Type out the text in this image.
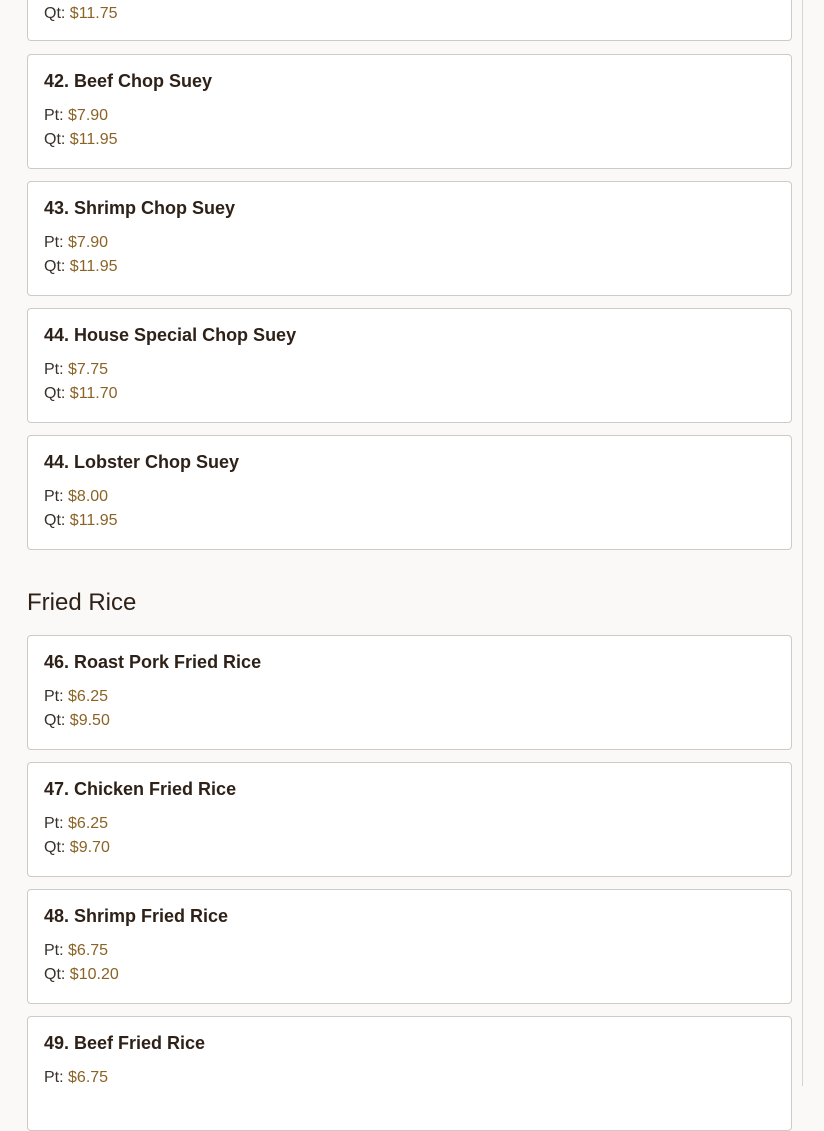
Qt: $11.75
42. Beef Chop Suey
Pt: $7.90
Qt: $11.95
43. Shrimp Chop Suey
Pt: $7.90
Qt: $11.95
44. House Special Chop Suey
Pt: $7.75
Qt: $11.70
44. Lobster Chop Suey
Pt: $8.00
Qt: $11.95
Fried Rice
46. Roast Pork Fried Rice
Pt: $6.25
Qt: $9.50
47. Chicken Fried Rice
Pt: $6.25
Qt: $9.70
48. Shrimp Fried Rice
Pt: $6.75
Qt: $10.20
49. Beef Fried Rice
Pt: $6.75
